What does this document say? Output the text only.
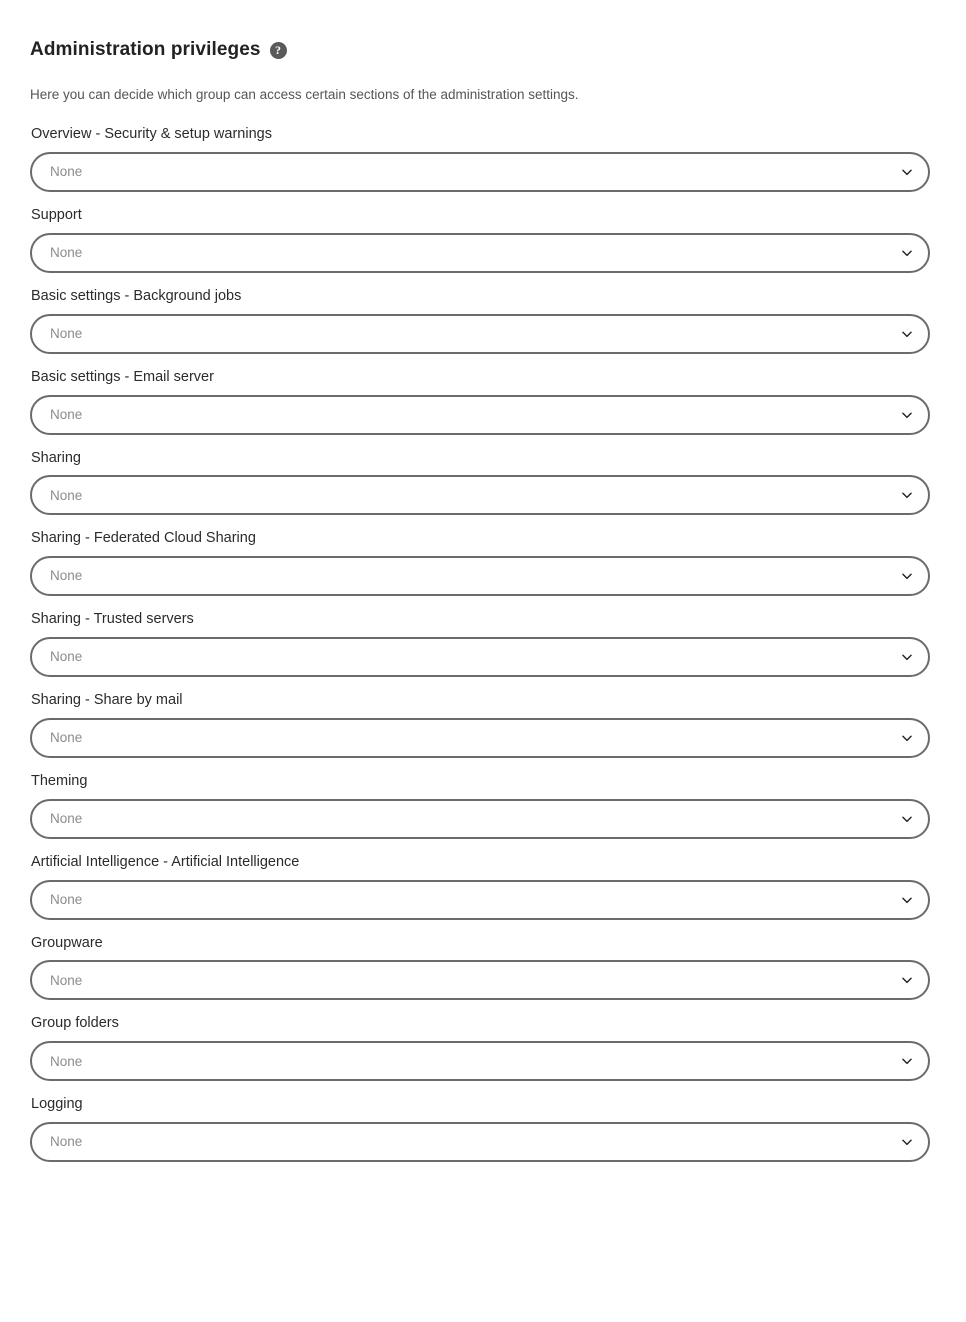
Administration privileges	?

Here you can decide which group can access certain sections of the administration settings.

Overview - Security & setup warnings
None
Support
None
Basic settings - Background jobs
None
Basic settings - Email server
None
Sharing
None
Sharing - Federated Cloud Sharing
None
Sharing - Trusted servers
None
Sharing - Share by mail
None
Theming
None
Artificial Intelligence - Artificial Intelligence
None
Groupware
None
Group folders
None
Logging
None
